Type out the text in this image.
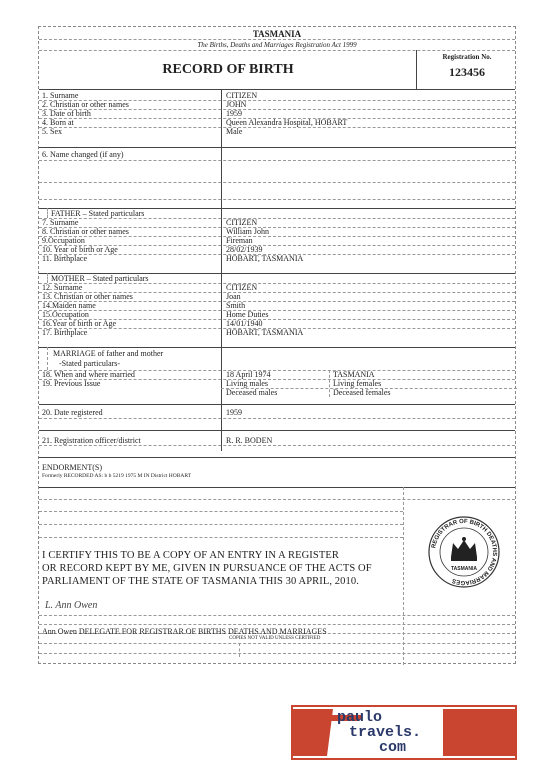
TASMANIA
The Births, Deaths and Marriages Registration Act 1999
RECORD OF BIRTH
Registration No.
123456
1. Surname	CITIZEN
2. Christian or other names	JOHN
3. Date of birth	1959
4. Born at	Queen Alexandra Hospital, HOBART
5. Sex	Male
6. Name changed (if any)
FATHER – Stated particulars
7. Surname	CITIZEN
8. Christian or other names	William John
9.Occupation	Fireman
10. Year of birth or Age	28/02/1939
11. Birthplace	HOBART, TASMANIA
MOTHER – Stated particulars
12. Surname	CITIZEN
13. Christian or other names	Joan
14.Maiden name	Smith
15.Occupation	Home Duties
16.Year of birth or Age	14/01/1940
17. Birthplace	HOBART, TASMANIA
MARRIAGE of father and mother
-Stated particulars-
18. When and where married	18 April 1974	TASMANIA
19. Previous Issue	Living males	Living females
Deceased males	Deceased females
20. Date registered	1959
21. Registration officer/district	R. R. BODEN
ENDORMENT(S)
Formerly RECORDED AS: b b 5219 1975 M IN District HOBART
I CERTIFY THIS TO BE A COPY OF AN ENTRY IN A REGISTER
OR RECORD KEPT BY ME, GIVEN IN PURSUANCE OF THE ACTS OF
PARLIAMENT OF THE STATE OF TASMANIA THIS 30 APRIL, 2010.
L. Ann Owen
Ann Owen DELEGATE FOR REGISTRAR OF BIRTHS DEATHS AND MARRIAGES
COPIES NOT VALID UNLESS CERTIFIED
REGISTRAR OF BIRTH DEATHS AND MARRIAGES
TASMANIA
paulo
travels.
com
